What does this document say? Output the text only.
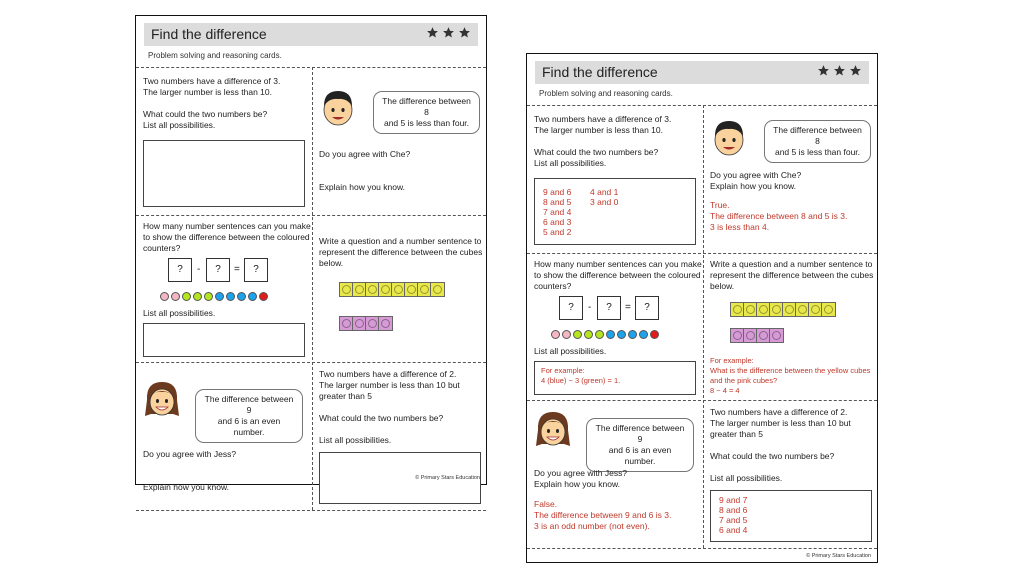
Find the difference
Problem solving and reasoning cards.
Two numbers have a difference of 3.
The larger number is less than 10.
What could the two numbers be?
List all possibilities.
The difference between 8
and 5 is less than four.
Do you agree with Che?
Explain how you know.
How many number sentences can you make
to show the difference between the coloured
counters?
?	-	?	=	?
List all possibilities.
Write a question and a number sentence to
represent the difference between the cubes
below.
The difference between 9
and 6 is an even number.
Do you agree with Jess?
Explain how you know.
Two numbers have a difference of 2.
The larger number is less than 10 but
greater than 5
What could the two numbers be?
List all possibilities.
© Primary Stars Education
Find the difference
Problem solving and reasoning cards.
Two numbers have a difference of 3.
The larger number is less than 10.
What could the two numbers be?
List all possibilities.
9 and 6
8 and 5
7 and 4
6 and 3
5 and 2
4 and 1
3 and 0
The difference between 8
and 5 is less than four.
Do you agree with Che?
Explain how you know.
True.
The difference between 8 and 5 is 3.
3 is less than 4.
How many number sentences can you make
to show the difference between the coloured
counters?
?	-	?	=	?
List all possibilities.
For example:
4 (blue) − 3 (green) = 1.
Write a question and a number sentence to
represent the difference between the cubes
below.
For example:
What is the difference between the yellow cubes
and the pink cubes?
8 − 4 = 4
The difference between 9
and 6 is an even number.
Do you agree with Jess?
Explain how you know.
False.
The difference between 9 and 6 is 3.
3 is an odd number (not even).
Two numbers have a difference of 2.
The larger number is less than 10 but
greater than 5
What could the two numbers be?
List all possibilities.
9 and 7
8 and 6
7 and 5
6 and 4
© Primary Stars Education
